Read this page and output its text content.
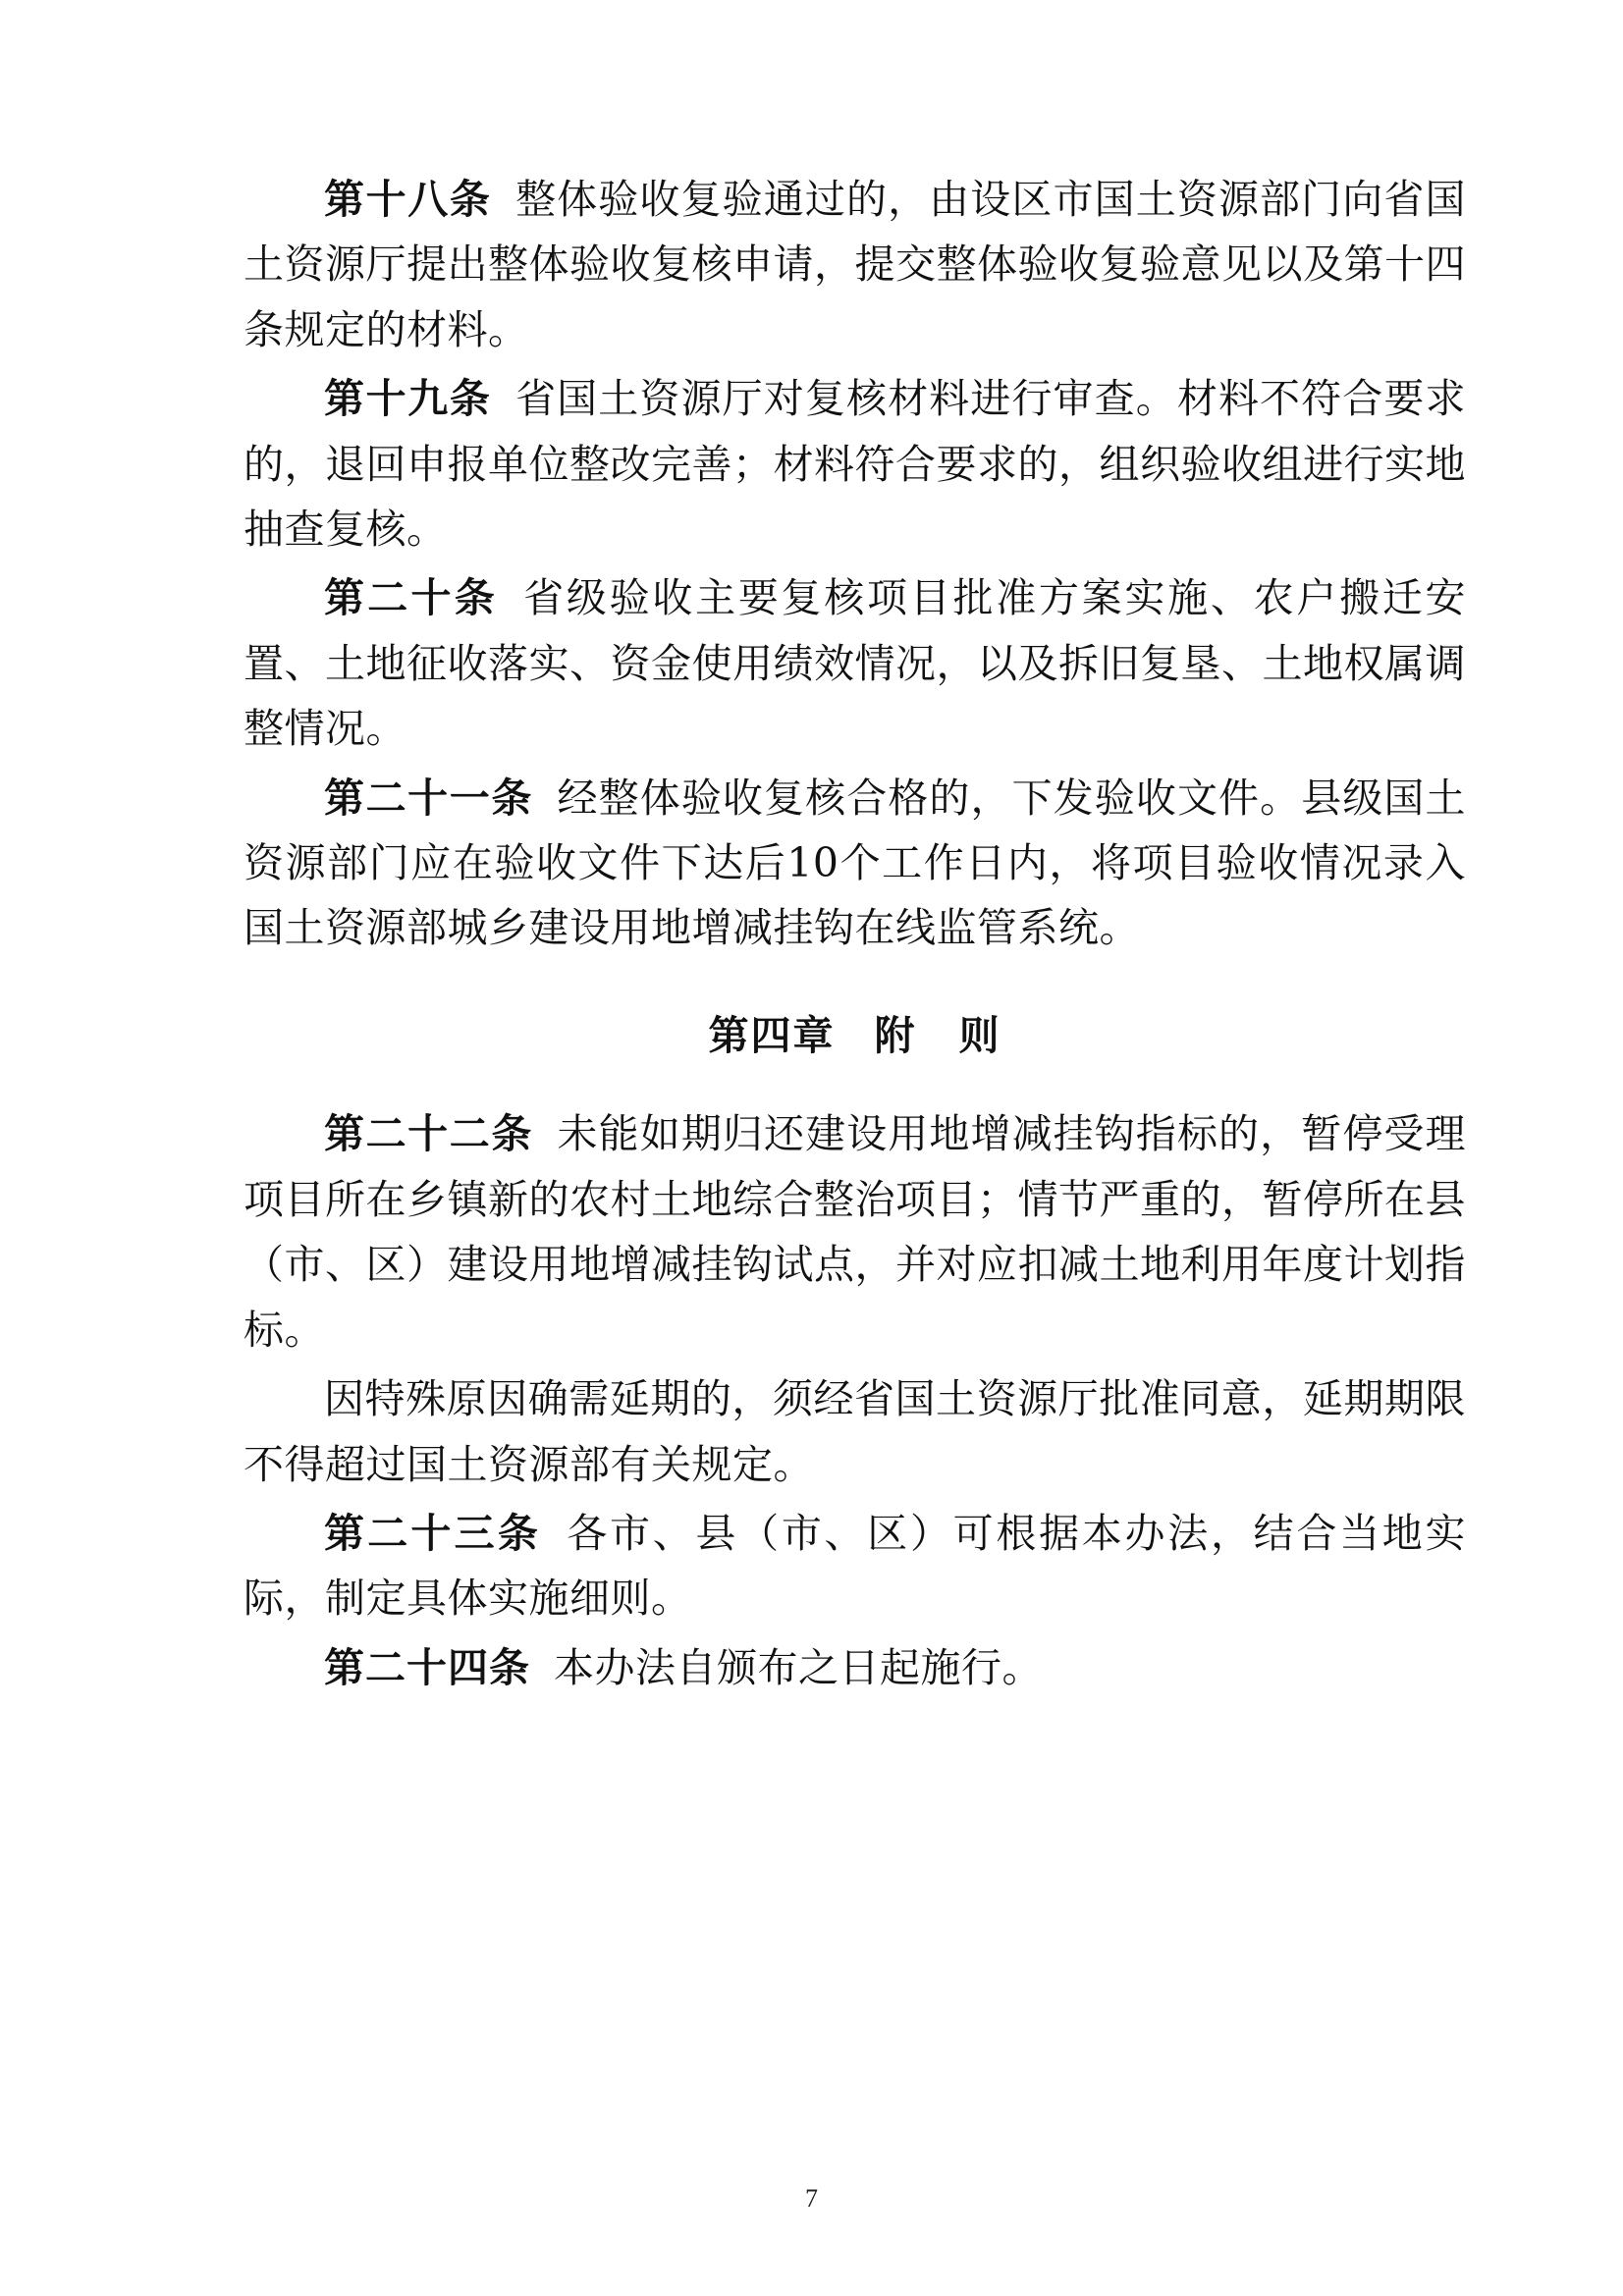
第十八条 整体验收复验通过的，由设区市国土资源部门向省国土资源厅提出整体验收复核申请，提交整体验收复验意见以及第十四条规定的材料。

第十九条 省国土资源厅对复核材料进行审查。材料不符合要求的，退回申报单位整改完善；材料符合要求的，组织验收组进行实地抽查复核。

第二十条 省级验收主要复核项目批准方案实施、农户搬迁安置、土地征收落实、资金使用绩效情况，以及拆旧复垦、土地权属调整情况。

第二十一条 经整体验收复核合格的，下发验收文件。县级国土资源部门应在验收文件下达后10个工作日内，将项目验收情况录入国土资源部城乡建设用地增减挂钩在线监管系统。

第四章 附　则

第二十二条 未能如期归还建设用地增减挂钩指标的，暂停受理项目所在乡镇新的农村土地综合整治项目；情节严重的，暂停所在县（市、区）建设用地增减挂钩试点，并对应扣减土地利用年度计划指标。

因特殊原因确需延期的，须经省国土资源厅批准同意，延期期限不得超过国土资源部有关规定。

第二十三条 各市、县（市、区）可根据本办法，结合当地实际，制定具体实施细则。

第二十四条 本办法自颁布之日起施行。

7
